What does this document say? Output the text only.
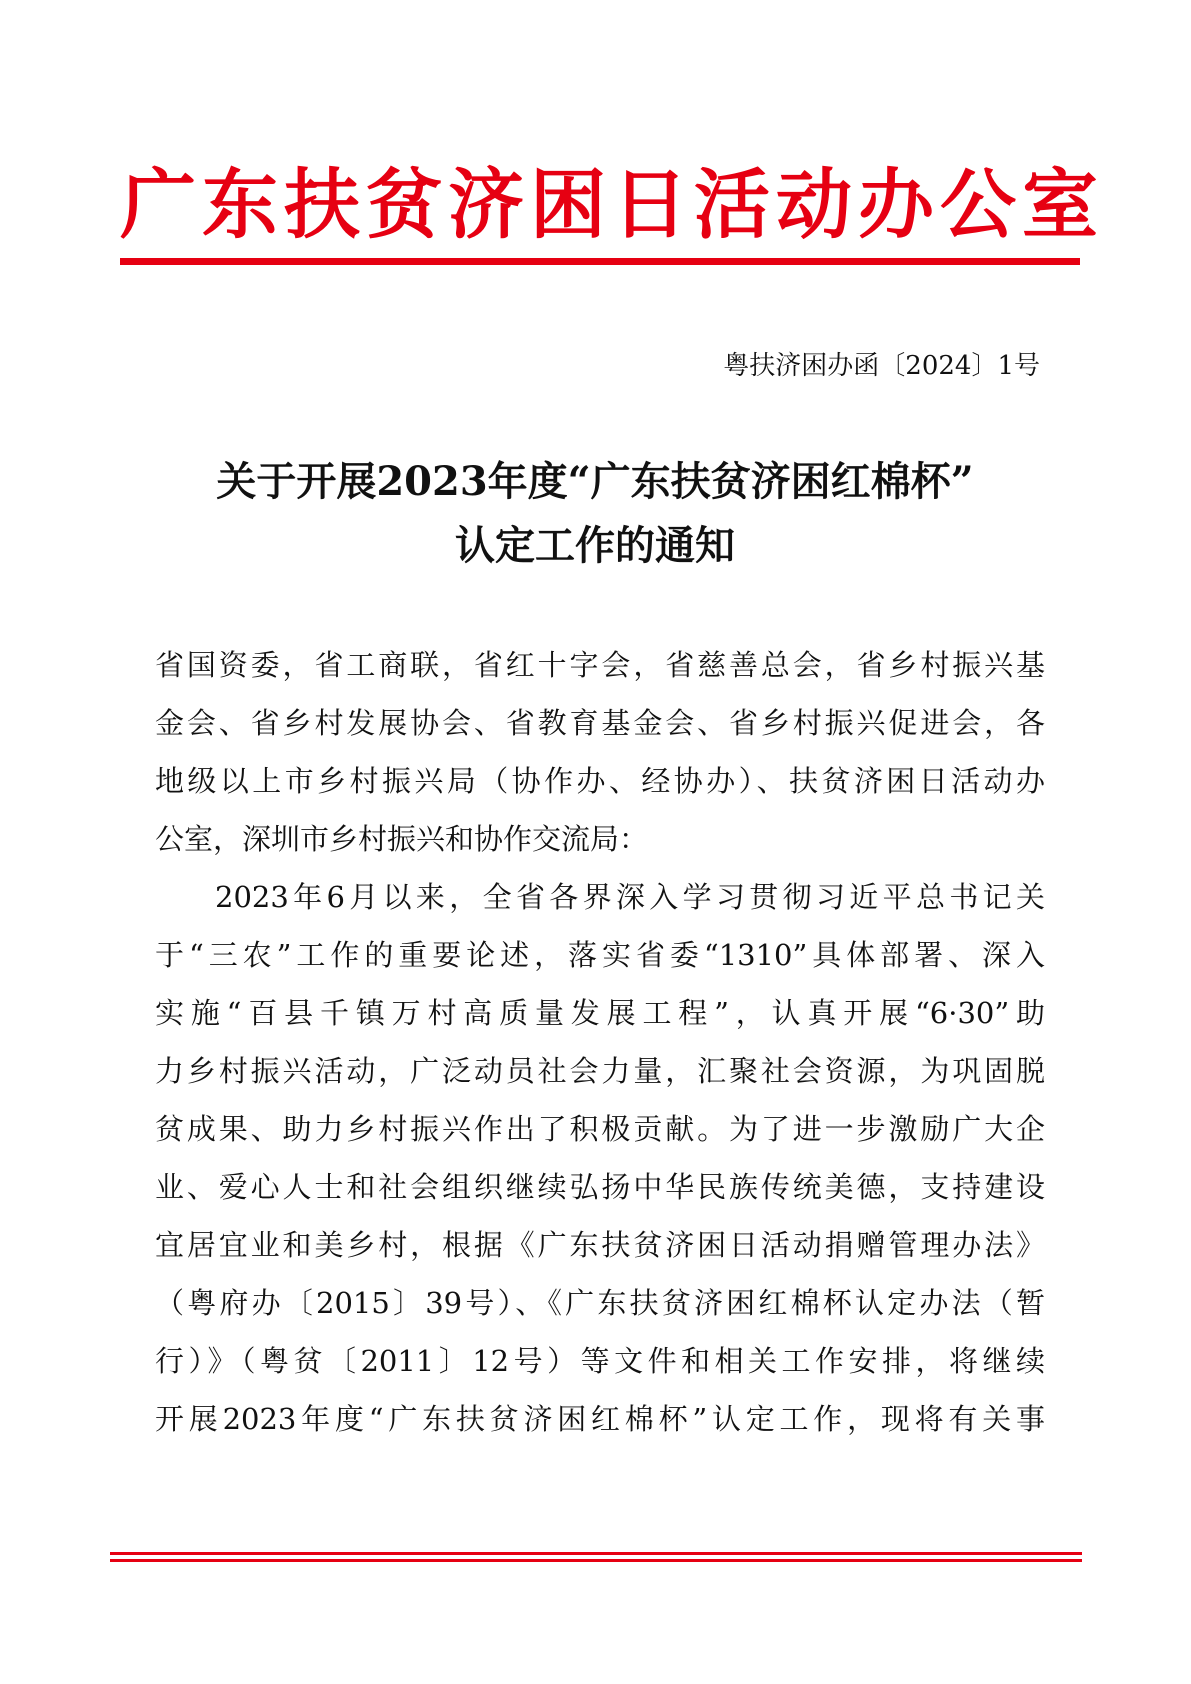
广东扶贫济困日活动办公室
粤扶济困办函〔2024〕1号
关于开展2023年度“广东扶贫济困红棉杯”
认定工作的通知
省国资委，省工商联，省红十字会，省慈善总会，省乡村振兴基
金会、省乡村发展协会、省教育基金会、省乡村振兴促进会，各
地级以上市乡村振兴局（协作办、经协办）、扶贫济困日活动办
公室，深圳市乡村振兴和协作交流局：
2023年6月以来，全省各界深入学习贯彻习近平总书记关
于“三农”工作的重要论述，落实省委“1310”具体部署、深入
实施“百县千镇万村高质量发展工程”，认真开展“6·30”助
力乡村振兴活动，广泛动员社会力量，汇聚社会资源，为巩固脱
贫成果、助力乡村振兴作出了积极贡献。为了进一步激励广大企
业、爱心人士和社会组织继续弘扬中华民族传统美德，支持建设
宜居宜业和美乡村，根据《广东扶贫济困日活动捐赠管理办法》
（粤府办〔2015〕39号）、《广东扶贫济困红棉杯认定办法（暂
行）》（粤贫〔2011〕12号）等文件和相关工作安排，将继续
开展2023年度“广东扶贫济困红棉杯”认定工作，现将有关事
